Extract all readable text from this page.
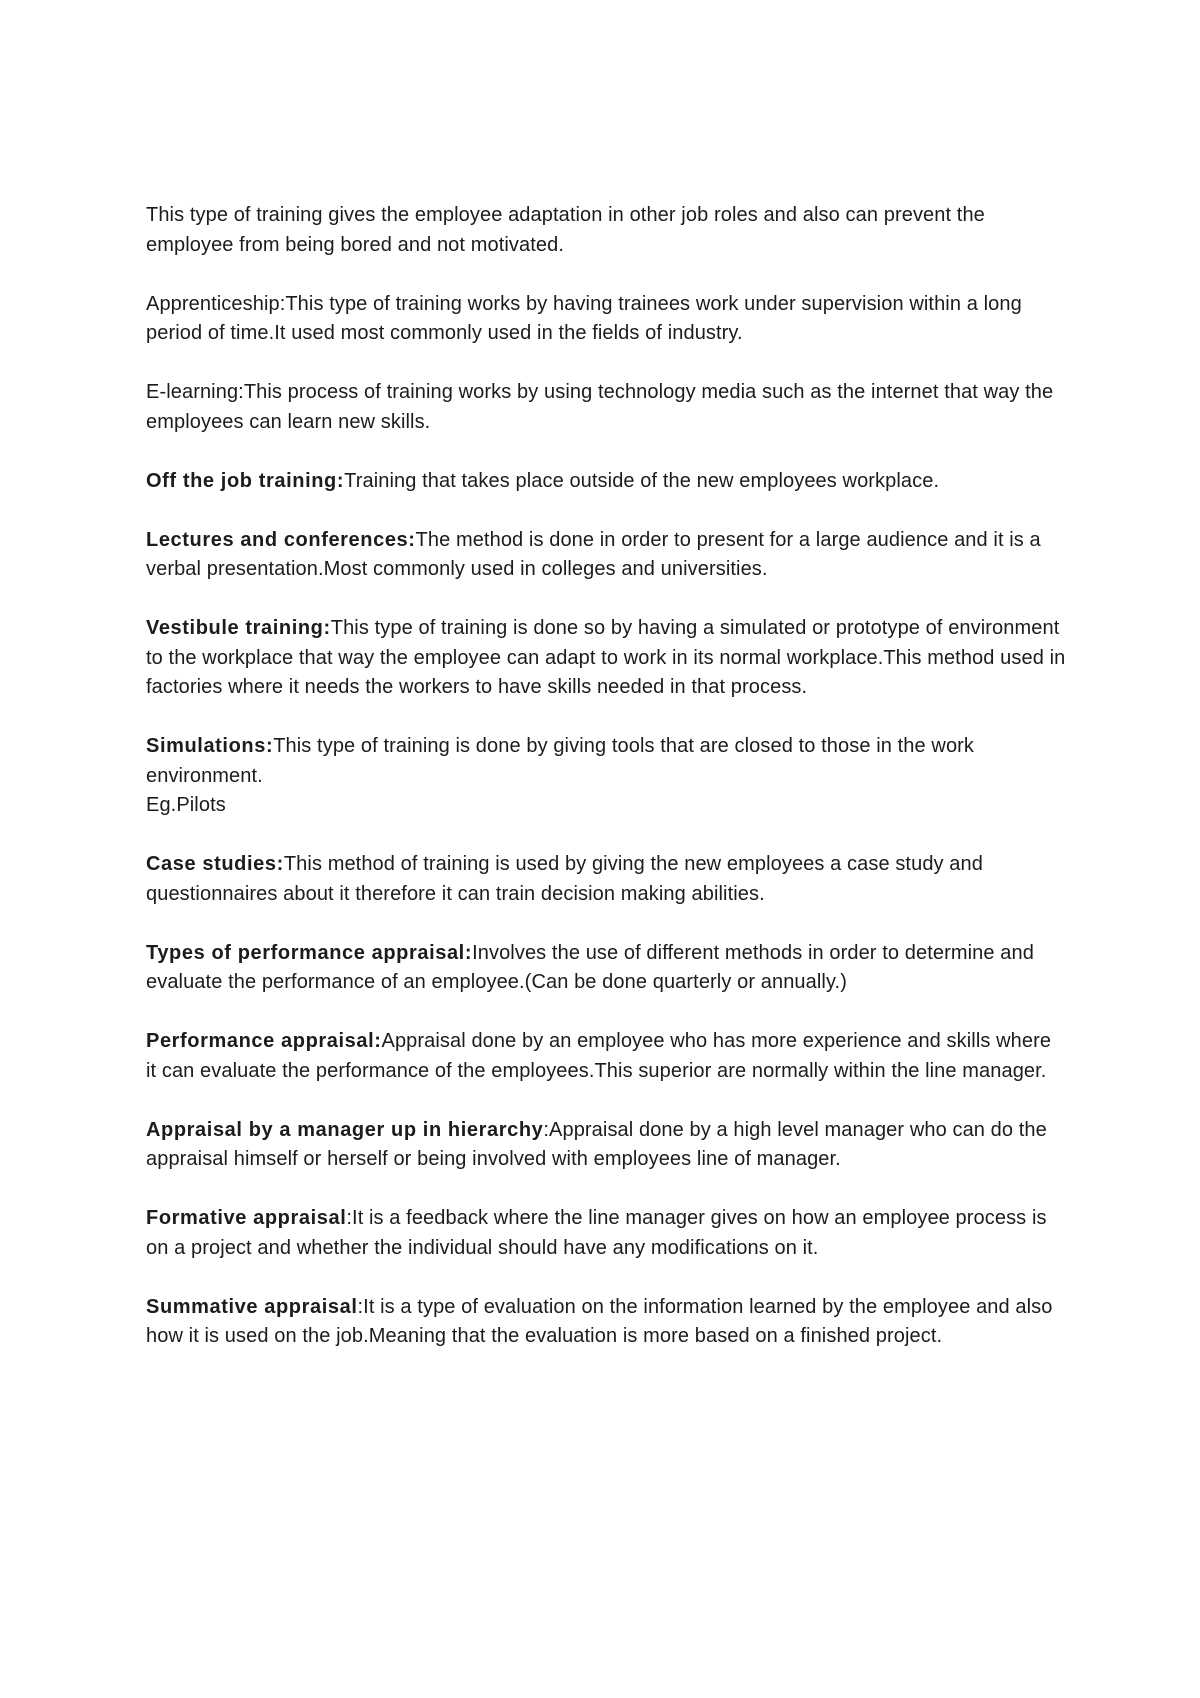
This type of training gives the employee adaptation in other job roles and also can prevent the employee from being bored and not motivated.

Apprenticeship:This type of training works by having trainees work under supervision within a long period of time.It used most commonly used in the fields of industry.

E-learning:This process of training works by using technology media such as the internet that way the employees can learn new skills.

Off the job training:Training that takes place outside of the new employees workplace.

Lectures and conferences:The method is done in order to present for a large audience and it is a verbal presentation.Most commonly used in colleges and universities.

Vestibule training:This type of training is done so by having a simulated or prototype of environment to the workplace that way the employee can adapt to work in its normal workplace.This method used in factories where it needs the workers to have skills needed in that process.

Simulations:This type of training is done by giving tools that are closed to those in the work environment.
Eg.Pilots

Case studies:This method of training is used by giving the new employees a case study and questionnaires about it therefore it can train decision making abilities.

Types of performance appraisal:Involves the use of different methods in order to determine and evaluate the performance of an employee.(Can be done quarterly or annually.)

Performance appraisal:Appraisal done by an employee who has more experience and skills where it can evaluate the performance of the employees.This superior are normally within the line manager.

Appraisal by a manager up in hierarchy:Appraisal done by a high level manager who can do the appraisal himself or herself or being involved with employees line of manager.

Formative appraisal:It is a feedback where the line manager gives on how an employee process is on a project and whether the individual should have any modifications on it.

Summative appraisal:It is a type of evaluation on the information learned by the employee and also how it is used on the job.Meaning that the evaluation is more based on a finished project.
